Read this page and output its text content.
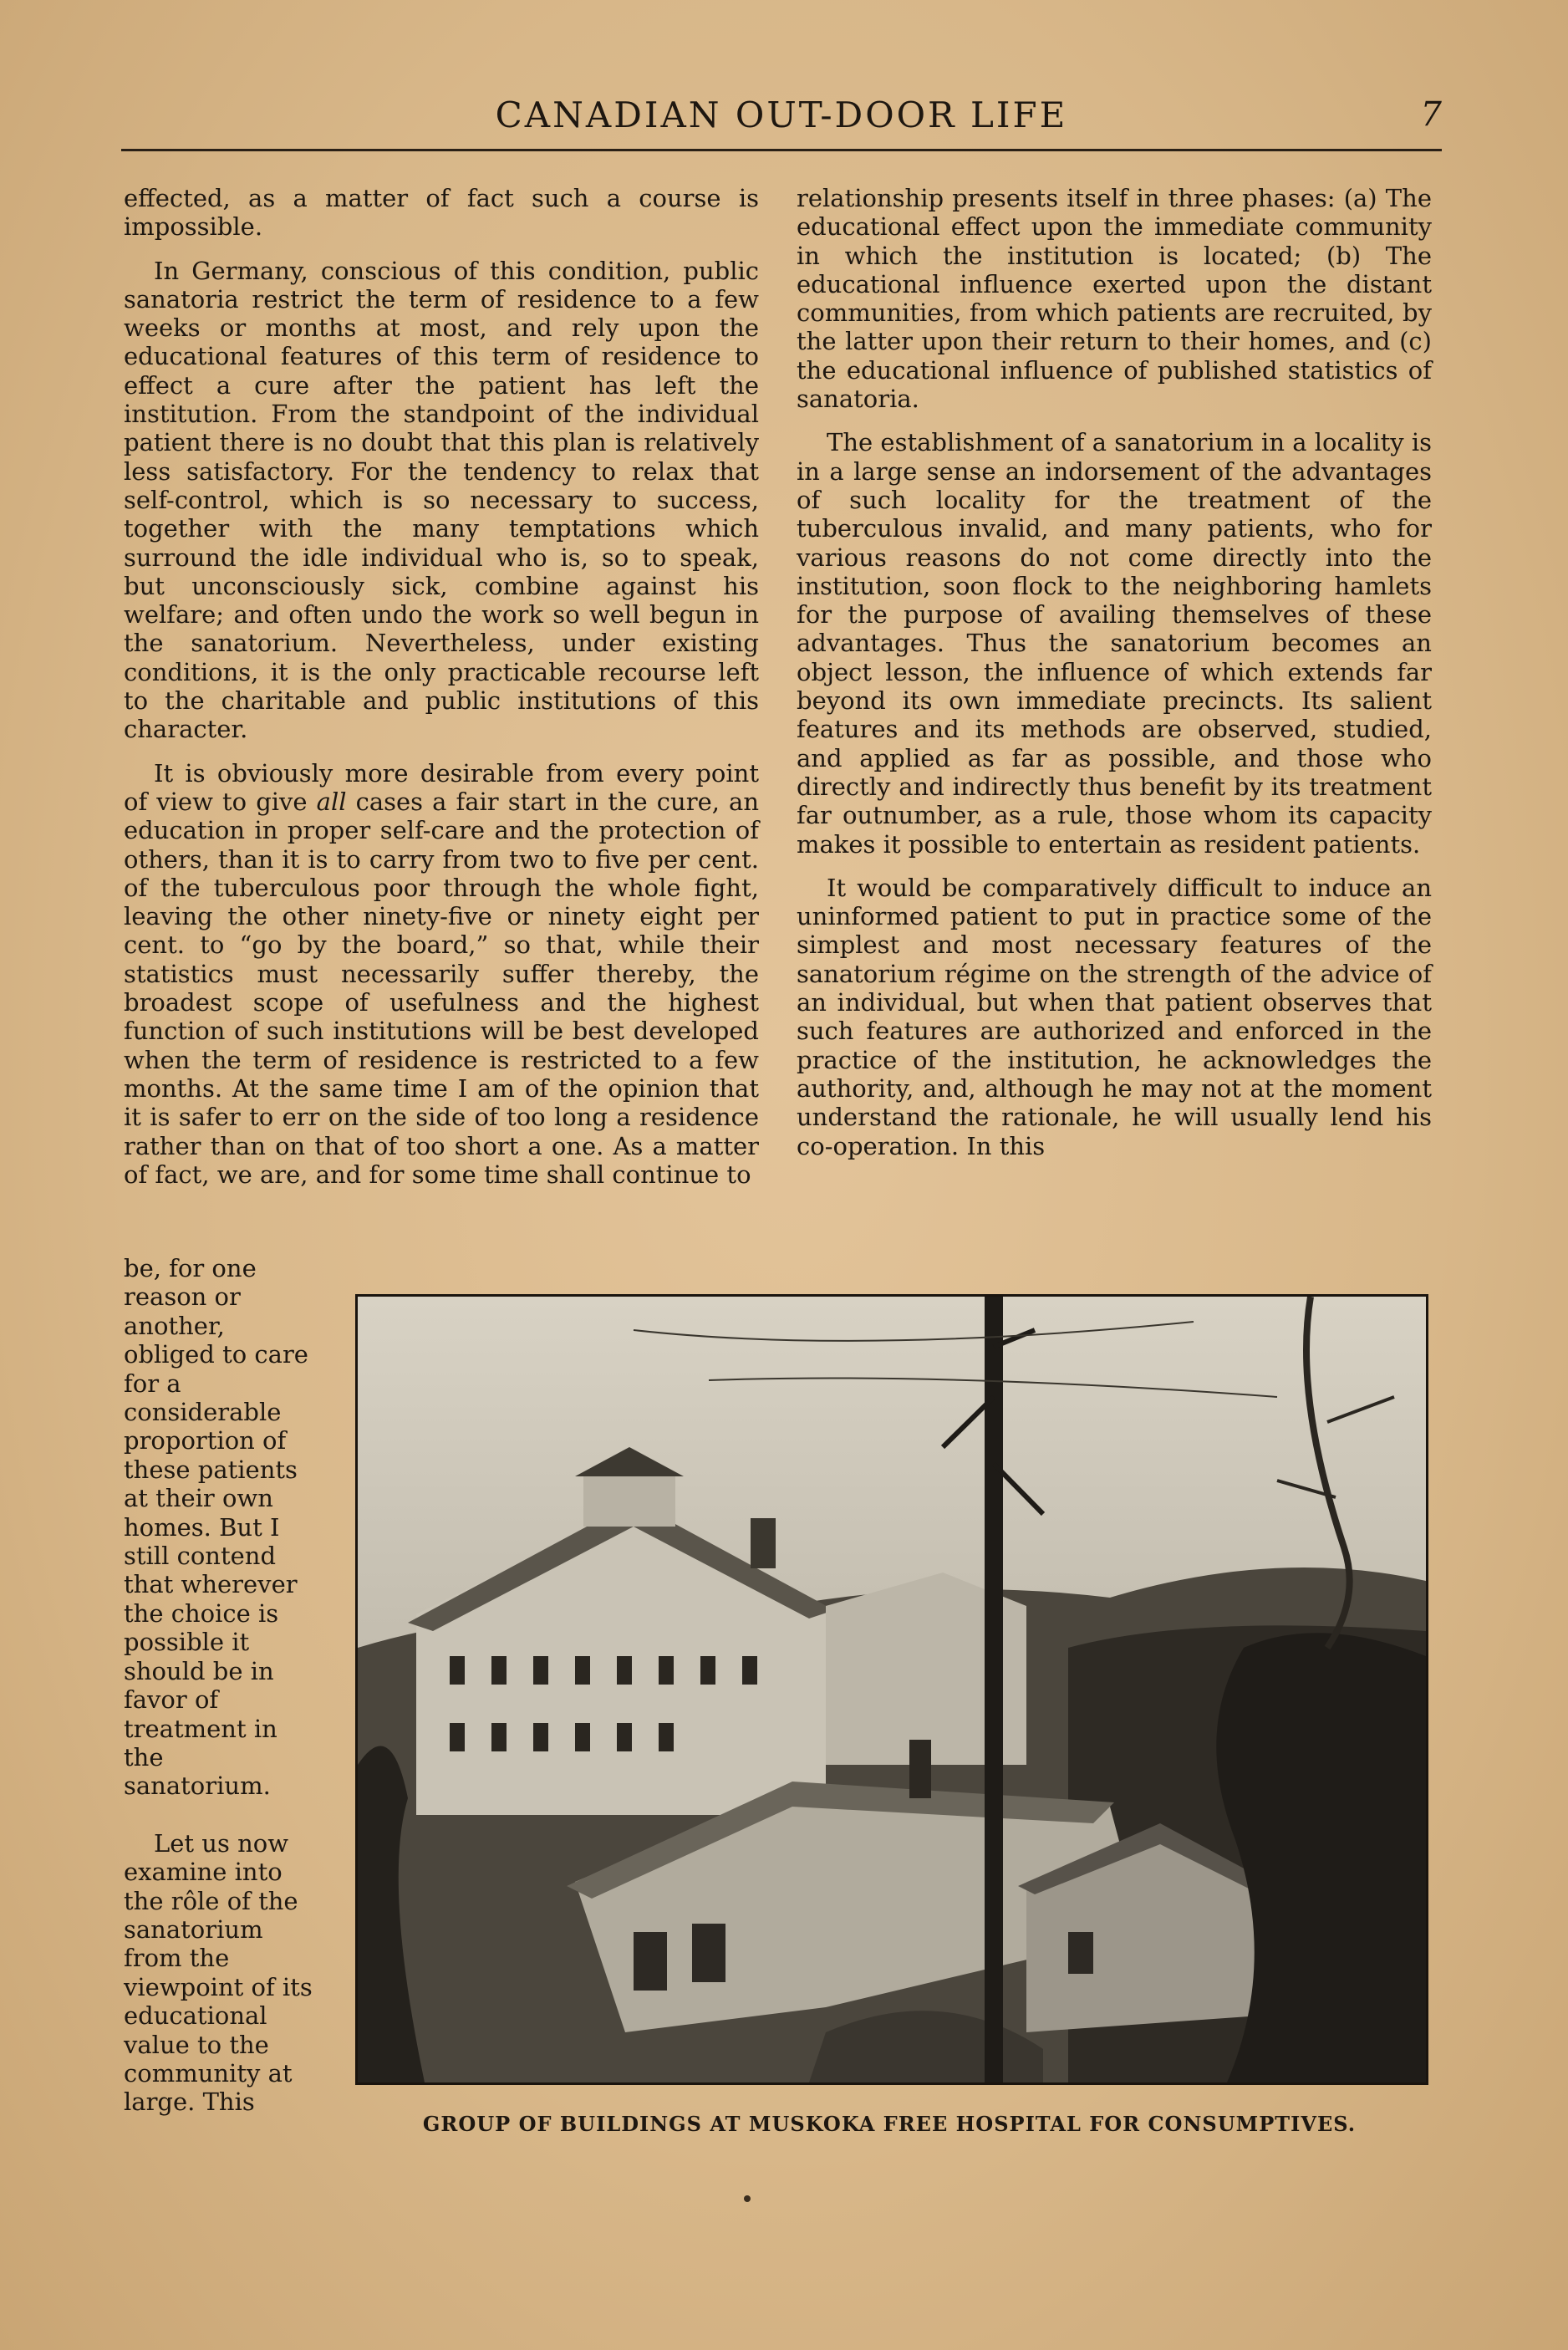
CANADIAN OUT-DOOR LIFE	7

effected, as a matter of fact such a course is impossible.

In Germany, conscious of this condition, public sanatoria restrict the term of residence to a few weeks or months at most, and rely upon the educational features of this term of residence to effect a cure after the patient has left the institution. From the standpoint of the individual patient there is no doubt that this plan is relatively less satisfactory. For the tendency to relax that self-control, which is so necessary to success, together with the many temptations which surround the idle individual who is, so to speak, but unconsciously sick, combine against his welfare; and often undo the work so well begun in the sanatorium. Nevertheless, under existing conditions, it is the only practicable recourse left to the charitable and public institutions of this character.

It is obviously more desirable from every point of view to give all cases a fair start in the cure, an education in proper self-care and the protection of others, than it is to carry from two to five per cent. of the tuberculous poor through the whole fight, leaving the other ninety-five or ninety eight per cent. to “go by the board,” so that, while their statistics must necessarily suffer thereby, the broadest scope of usefulness and the highest function of such institutions will be best developed when the term of residence is restricted to a few months. At the same time I am of the opinion that it is safer to err on the side of too long a residence rather than on that of too short a one. As a matter of fact, we are, and for some time shall continue to

be, for one reason or another, obliged to care for a considerable proportion of these patients at their own homes. But I still contend that wherever the choice is possible it should be in favor of treatment in the sanatorium.

Let us now examine into the rôle of the sanatorium from the viewpoint of its educational value to the community at large. This

relationship presents itself in three phases: (a) The educational effect upon the immediate community in which the institution is located; (b) The educational influence exerted upon the distant communities, from which patients are recruited, by the latter upon their return to their homes, and (c) the educational influence of published statistics of sanatoria.

The establishment of a sanatorium in a locality is in a large sense an indorsement of the advantages of such locality for the treatment of the tuberculous invalid, and many patients, who for various reasons do not come directly into the institution, soon flock to the neighboring hamlets for the purpose of availing themselves of these advantages. Thus the sanatorium becomes an object lesson, the influence of which extends far beyond its own immediate precincts. Its salient features and its methods are observed, studied, and applied as far as possible, and those who directly and indirectly thus benefit by its treatment far outnumber, as a rule, those whom its capacity makes it possible to entertain as resident patients.

It would be comparatively difficult to induce an uninformed patient to put in practice some of the simplest and most necessary features of the sanatorium régime on the strength of the advice of an individual, but when that patient observes that such features are authorized and enforced in the practice of the institution, he acknowledges the authority, and, although he may not at the moment understand the rationale, he will usually lend his co-operation. In this

GROUP OF BUILDINGS AT MUSKOKA FREE HOSPITAL FOR CONSUMPTIVES.
